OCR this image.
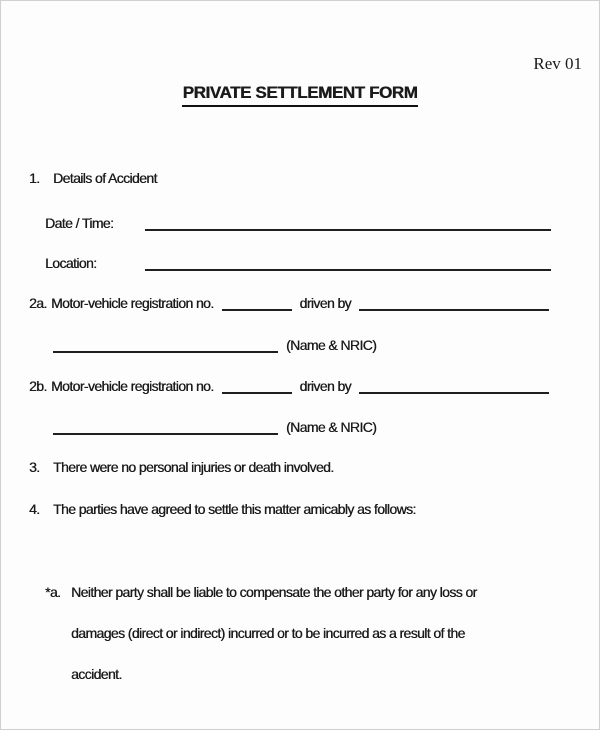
Rev 01
PRIVATE SETTLEMENT FORM
1. Details of Accident
Date / Time:
Location:
2a. Motor-vehicle registration no.	driven by
(Name & NRIC)
2b. Motor-vehicle registration no.	driven by
(Name & NRIC)
3. There were no personal injuries or death involved.
4. The parties have agreed to settle this matter amicably as follows:
*a. Neither party shall be liable to compensate the other party for any loss or
damages (direct or indirect) incurred or to be incurred as a result of the
accident.
